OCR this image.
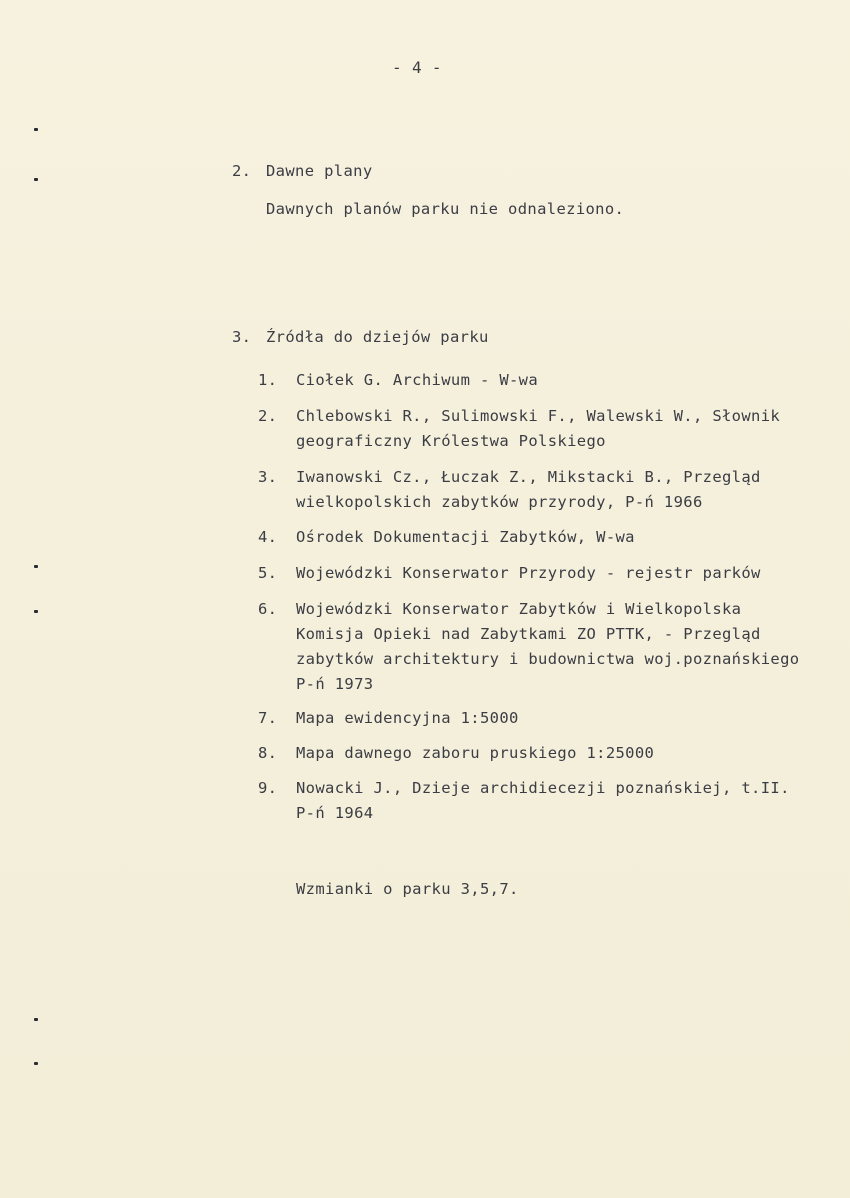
- 4 -
2. Dawne plany
Dawnych planów parku nie odnaleziono.
3. Źródła do dziejów parku
1. Ciołek G. Archiwum - W-wa
2. Chlebowski R., Sulimowski F., Walewski W., Słownik
geograficzny Królestwa Polskiego
3. Iwanowski Cz., Łuczak Z., Mikstacki B., Przegląd
wielkopolskich zabytków przyrody, P-ń 1966
4. Ośrodek Dokumentacji Zabytków, W-wa
5. Wojewódzki Konserwator Przyrody - rejestr parków
6. Wojewódzki Konserwator Zabytków i Wielkopolska
Komisja Opieki nad Zabytkami ZO PTTK, - Przegląd
zabytków architektury i budownictwa woj.poznańskiego
P-ń 1973
7. Mapa ewidencyjna 1:5000
8. Mapa dawnego zaboru pruskiego 1:25000
9. Nowacki J., Dzieje archidiecezji poznańskiej, t.II.
P-ń 1964
Wzmianki o parku 3,5,7.
